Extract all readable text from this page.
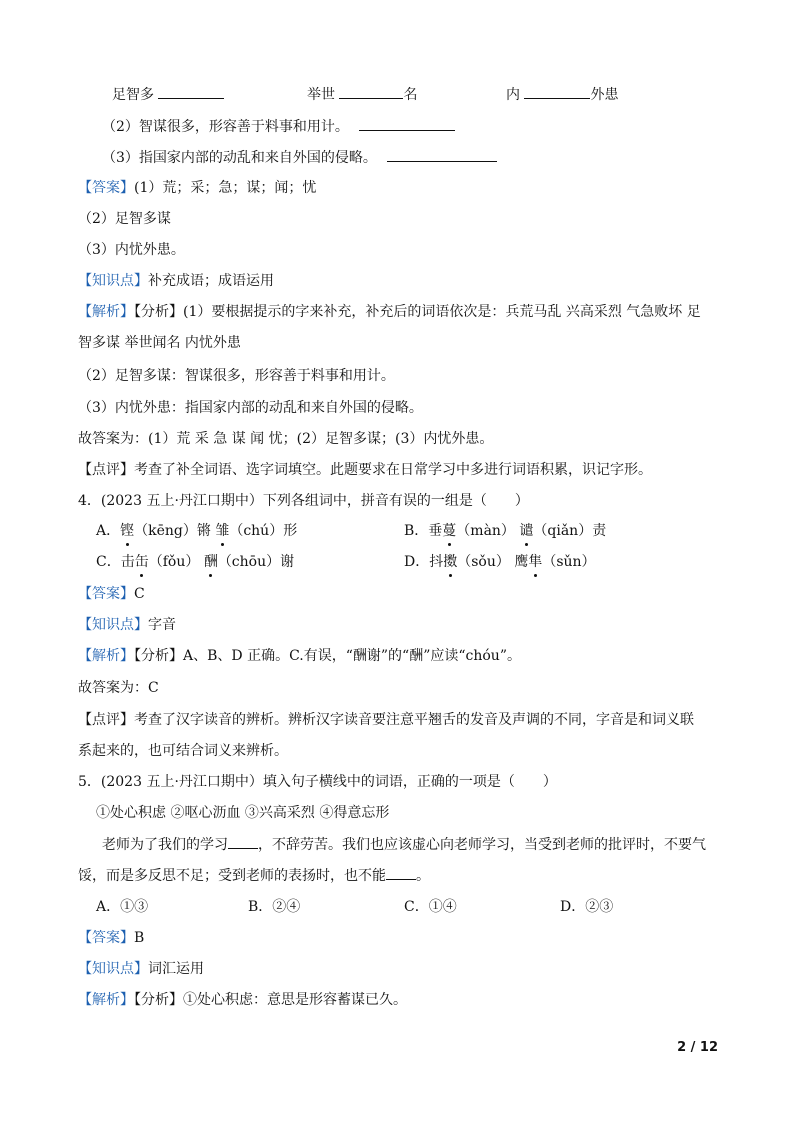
足智多	举世	名	内	外患
（2）智谋很多，形容善于料事和用计。
（3）指国家内部的动乱和来自外国的侵略。
【答案】(1）荒；采；急；谋；闻；忧
（2）足智多谋
（3）内忧外患。
【知识点】补充成语；成语运用
【解析】【分析】(1）要根据提示的字来补充，补充后的词语依次是：兵荒马乱 兴高采烈 气急败坏 足
智多谋 举世闻名 内忧外患
（2）足智多谋：智谋很多，形容善于料事和用计。
（3）内忧外患：指国家内部的动乱和来自外国的侵略。
故答案为：(1）荒 采 急 谋 闻 忧；(2）足智多谋；(3）内忧外患。
【点评】考查了补全词语、选字词填空。此题要求在日常学习中多进行词语积累，识记字形。
4．(2023 五上·丹江口期中）下列各组词中，拼音有误的一组是（　　）
A．铿（kēng）锵 雏（chú）形	B．垂蔓（màn） 谴（qiǎn）责
C．击缶（fǒu） 酬（chōu）谢	D．抖擞（sǒu） 鹰隼（sǔn）
【答案】C
【知识点】字音
【解析】【分析】A、B、D 正确。C.有误，“酬谢”的“酬”应读“chóu”。
故答案为：C
【点评】考查了汉字读音的辨析。辨析汉字读音要注意平翘舌的发音及声调的不同，字音是和词义联
系起来的，也可结合词义来辨析。
5．(2023 五上·丹江口期中）填入句子横线中的词语，正确的一项是（　　）
①处心积虑 ②呕心沥血 ③兴高采烈 ④得意忘形
老师为了我们的学习 ，不辞劳苦。我们也应该虚心向老师学习，当受到老师的批评时，不要气
馁，而是多反思不足；受到老师的表扬时，也不能 。
A．①③	B．②④	C．①④	D．②③
【答案】B
【知识点】词汇运用
【解析】【分析】①处心积虑：意思是形容蓄谋已久。
2 / 12
